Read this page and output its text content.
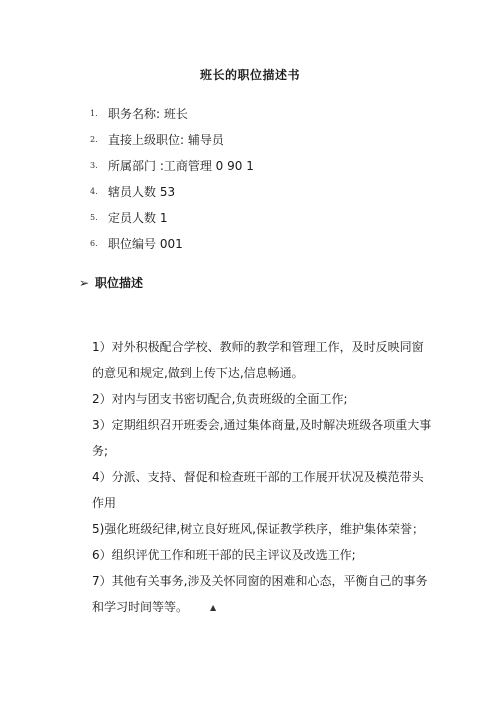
班长的职位描述书
1. 职务名称: 班长
2. 直接上级职位: 辅导员
3. 所属部门 :工商管理 0 90 1
4. 辖员人数 53
5. 定员人数 1
6. 职位编号 001
➢ 职位描述
1）对外积极配合学校、教师的教学和管理工作，及时反映同窗
的意见和规定,做到上传下达,信息畅通。
2）对内与团支书密切配合,负责班级的全面工作;
3）定期组织召开班委会,通过集体商量,及时解决班级各项重大事
务;
4）分派、支持、督促和检查班干部的工作展开状况及模范带头
作用
5)强化班级纪律,树立良好班风,保证教学秩序，维护集体荣誉；
6）组织评优工作和班干部的民主评议及改选工作;
7）其他有关事务,涉及关怀同窗的困难和心态，平衡自己的事务
和学习时间等等。	▲
